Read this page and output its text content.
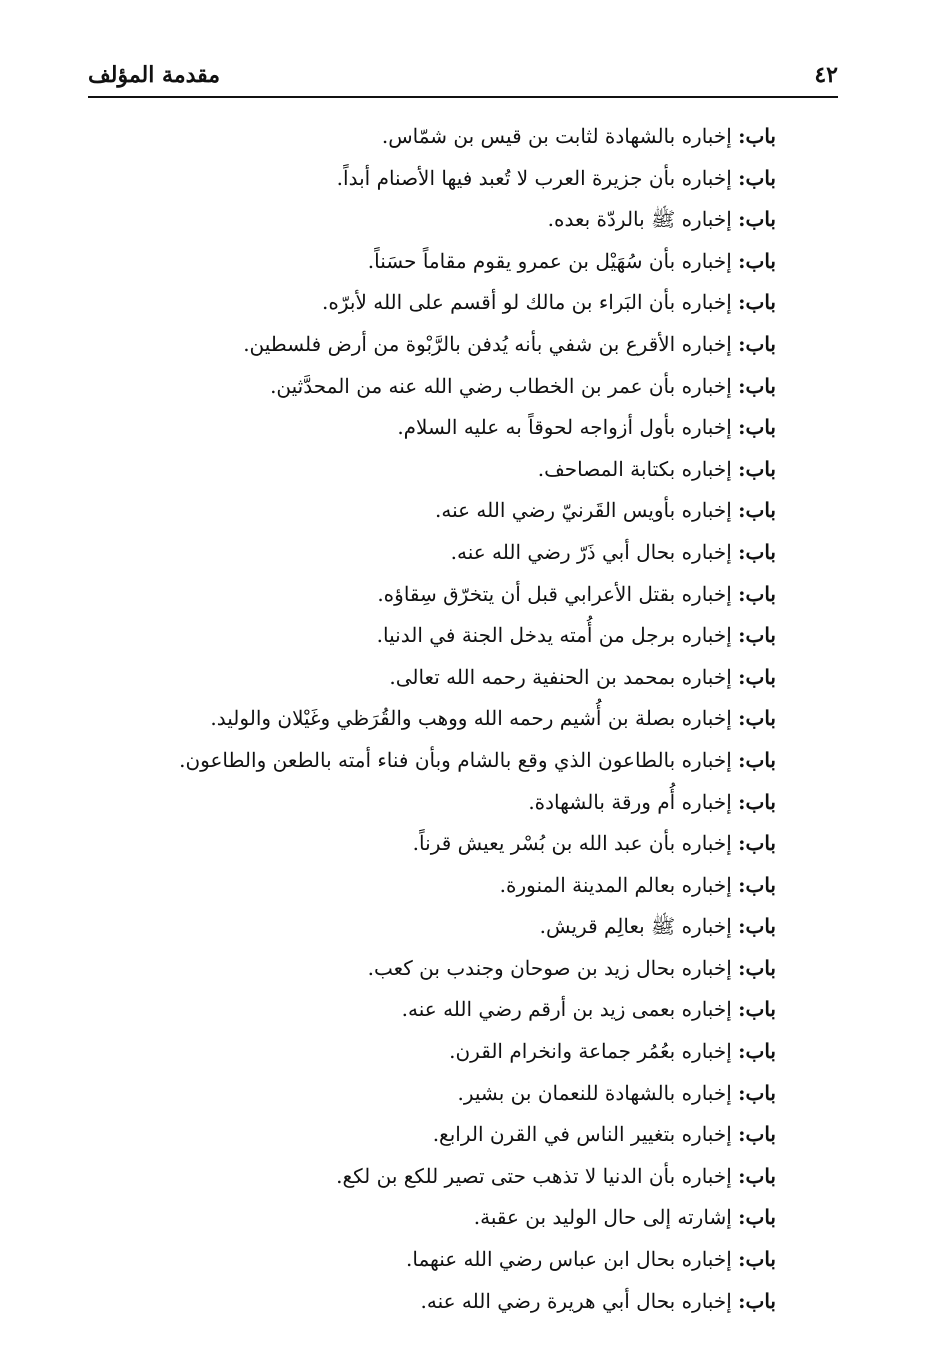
مقدمة المؤلف	٤٢
باب: إخباره بالشهادة لثابت بن قيس بن شمّاس.
باب: إخباره بأن جزيرة العرب لا تُعبد فيها الأصنام أبداً.
باب: إخباره ﷺ بالردّة بعده.
باب: إخباره بأن سُهَيْل بن عمرو يقوم مقاماً حسَناً.
باب: إخباره بأن البَراء بن مالك لو أقسم على الله لأبرّه.
باب: إخباره الأقرع بن شفي بأنه يُدفن بالرَّبْوة من أرض فلسطين.
باب: إخباره بأن عمر بن الخطاب رضي الله عنه من المحدَّثين.
باب: إخباره بأول أزواجه لحوقاً به عليه السلام.
باب: إخباره بكتابة المصاحف.
باب: إخباره بأويس القَرنيّ رضي الله عنه.
باب: إخباره بحال أبي ذَرّ رضي الله عنه.
باب: إخباره بقتل الأعرابي قبل أن يتخرّق سِقاؤه.
باب: إخباره برجل من أُمته يدخل الجنة في الدنيا.
باب: إخباره بمحمد بن الحنفية رحمه الله تعالى.
باب: إخباره بصلة بن أُشيم رحمه الله ووهب والقُرَظي وغَيْلان والوليد.
باب: إخباره بالطاعون الذي وقع بالشام وبأن فناء أمته بالطعن والطاعون.
باب: إخباره أُم ورقة بالشهادة.
باب: إخباره بأن عبد الله بن بُسْر يعيش قرناً.
باب: إخباره بعالم المدينة المنورة.
باب: إخباره ﷺ بعالِم قريش.
باب: إخباره بحال زيد بن صوحان وجندب بن كعب.
باب: إخباره بعمى زيد بن أرقم رضي الله عنه.
باب: إخباره بعُمُر جماعة وانخرام القرن.
باب: إخباره بالشهادة للنعمان بن بشير.
باب: إخباره بتغيير الناس في القرن الرابع.
باب: إخباره بأن الدنيا لا تذهب حتى تصير للكع بن لكع.
باب: إشارته إلى حال الوليد بن عقبة.
باب: إخباره بحال ابن عباس رضي الله عنهما.
باب: إخباره بحال أبي هريرة رضي الله عنه.
